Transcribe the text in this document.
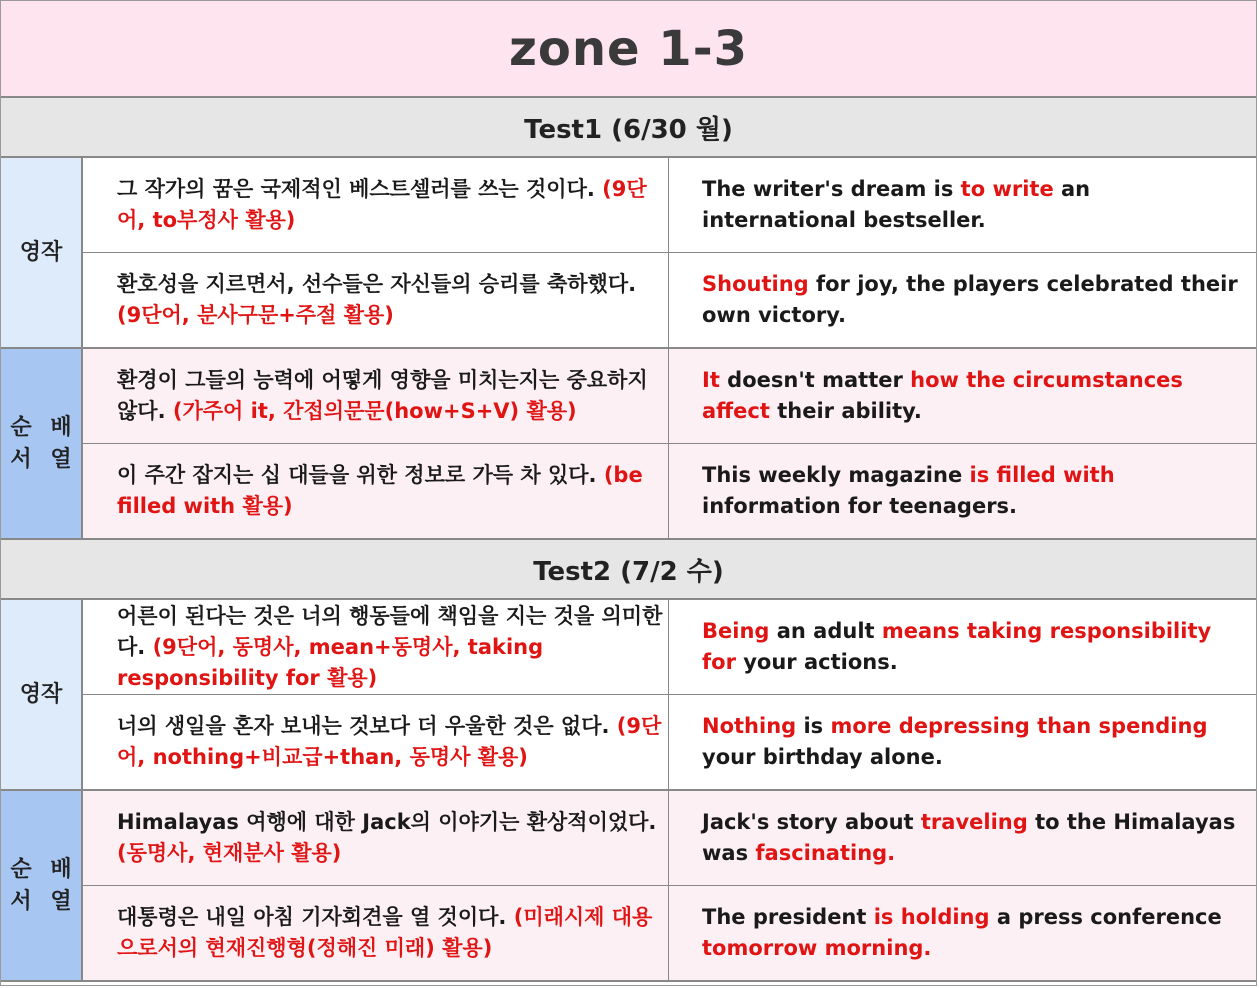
zone 1-3
Test1 (6/30 월)
영작
그 작가의 꿈은 국제적인 베스트셀러를 쓰는 것이다. (9단어, to부정사 활용)
The writer's dream is to write an international bestseller.
환호성을 지르면서, 선수들은 자신들의 승리를 축하했다. (9단어, 분사구문+주절 활용)
Shouting for joy, the players celebrated their own victory.
순서

배열
환경이 그들의 능력에 어떻게 영향을 미치는지는 중요하지 않다. (가주어 it, 간접의문문(how+S+V) 활용)
It doesn't matter how the circumstances affect their ability.
이 주간 잡지는 십 대들을 위한 정보로 가득 차 있다. (be filled with 활용)
This weekly magazine is filled with information for teenagers.
Test2 (7/2 수)
영작
어른이 된다는 것은 너의 행동들에 책임을 지는 것을 의미한다. (9단어, 동명사, mean+동명사, taking responsibility for 활용)
Being an adult means taking responsibility for your actions.
너의 생일을 혼자 보내는 것보다 더 우울한 것은 없다. (9단어, nothing+비교급+than, 동명사 활용)
Nothing is more depressing than spending your birthday alone.
순서

배열
Himalayas 여행에 대한 Jack의 이야기는 환상적이었다. (동명사, 현재분사 활용)
Jack's story about traveling to the Himalayas was fascinating.
대통령은 내일 아침 기자회견을 열 것이다. (미래시제 대용으로서의 현재진행형(정해진 미래) 활용)
The president is holding a press conference tomorrow morning.
